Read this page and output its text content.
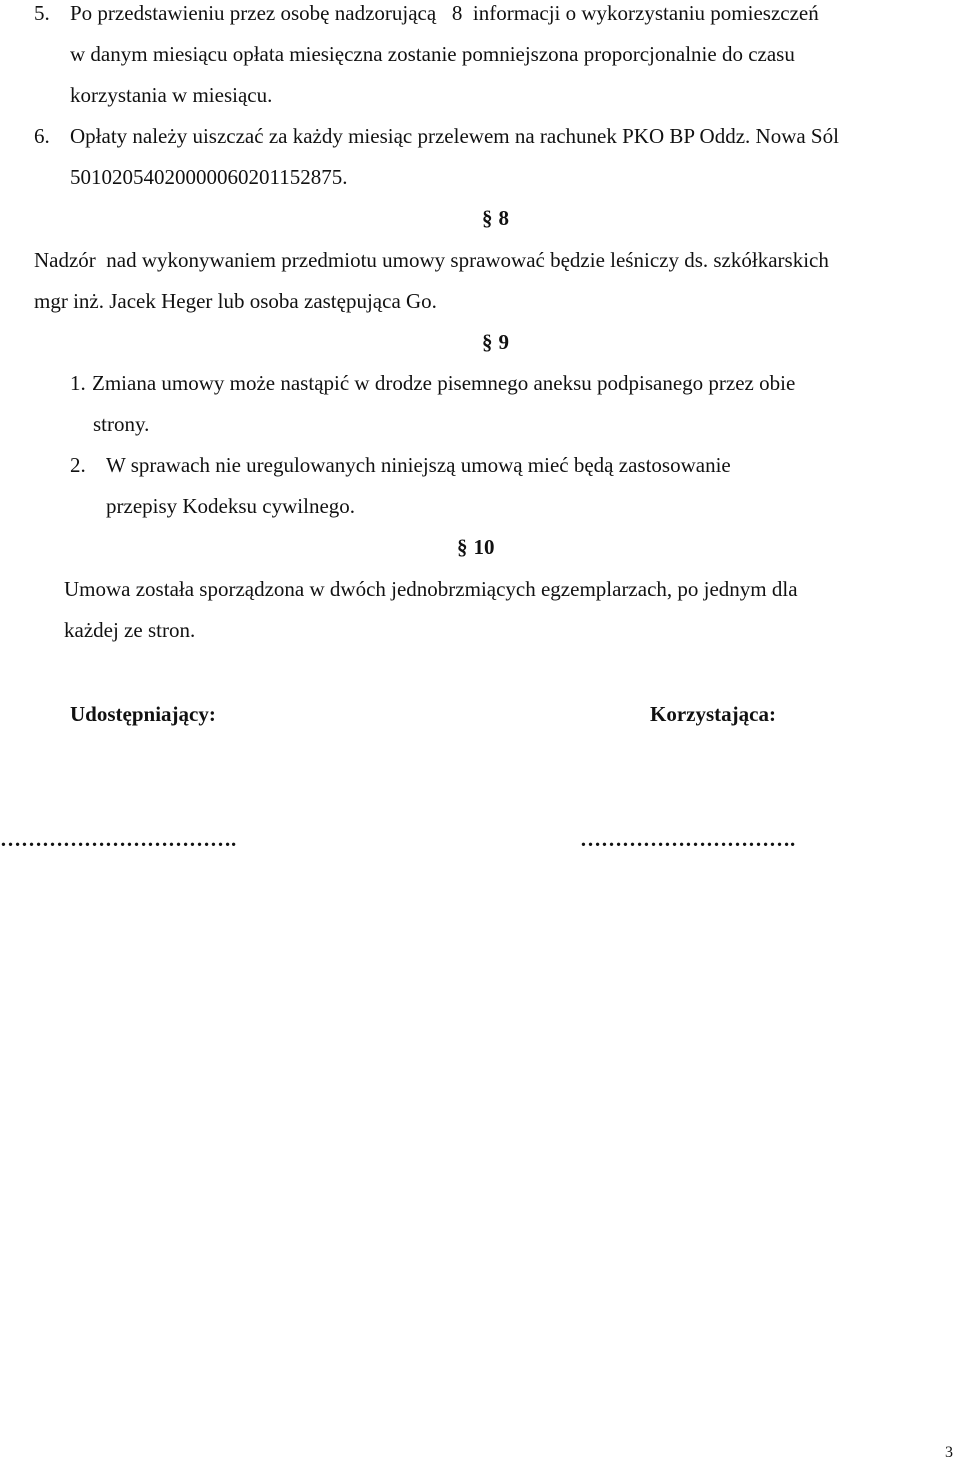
5. Po przedstawieniu przez osobę nadzorującą   8  informacji o wykorzystaniu pomieszczeń
w danym miesiącu opłata miesięczna zostanie pomniejszona proporcjonalnie do czasu
korzystania w miesiącu.
6. Opłaty należy uiszczać za każdy miesiąc przelewem na rachunek PKO BP Oddz. Nowa Sól
50102054020000060201152875.
§ 8
Nadzór  nad wykonywaniem przedmiotu umowy sprawować będzie leśniczy ds. szkółkarskich
mgr inż. Jacek Heger lub osoba zastępująca Go.
§ 9
1. Zmiana umowy może nastąpić w drodze pisemnego aneksu podpisanego przez obie
strony.
2. W sprawach nie uregulowanych niniejszą umową mieć będą zastosowanie
przepisy Kodeksu cywilnego.
§ 10
Umowa została sporządzona w dwóch jednobrzmiących egzemplarzach, po jednym dla
każdej ze stron.
Udostępniający:	Korzystająca:
…………………………….	………………………….
3
